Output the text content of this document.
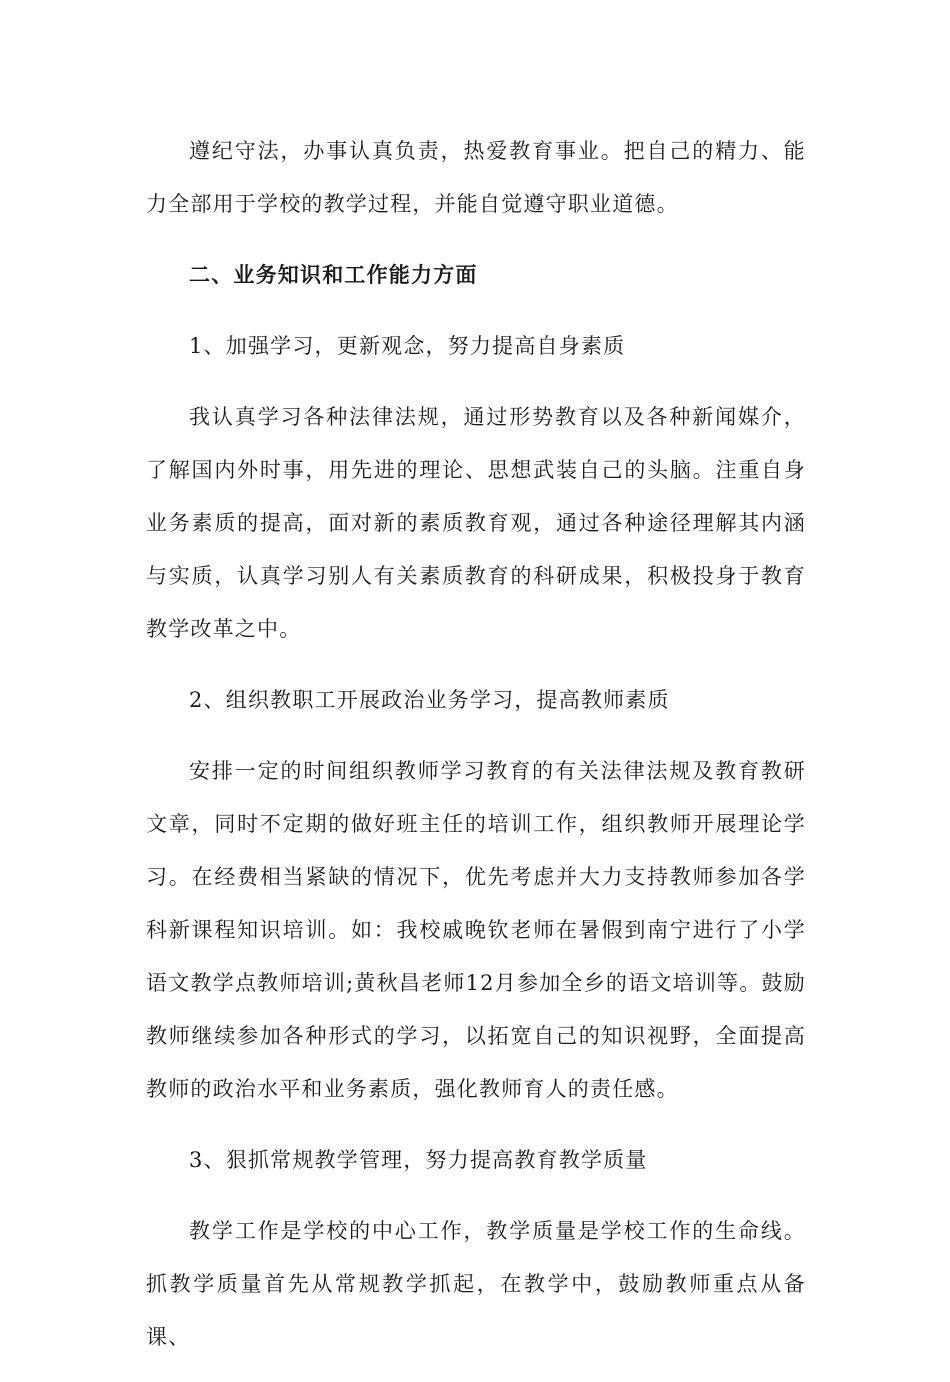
遵纪守法，办事认真负责，热爱教育事业。把自己的精力、能力全部用于学校的教学过程，并能自觉遵守职业道德。

二、业务知识和工作能力方面

1、加强学习，更新观念，努力提高自身素质

我认真学习各种法律法规，通过形势教育以及各种新闻媒介，了解国内外时事，用先进的理论、思想武装自己的头脑。注重自身业务素质的提高，面对新的素质教育观，通过各种途径理解其内涵与实质，认真学习别人有关素质教育的科研成果，积极投身于教育教学改革之中。

2、组织教职工开展政治业务学习，提高教师素质

安排一定的时间组织教师学习教育的有关法律法规及教育教研文章，同时不定期的做好班主任的培训工作，组织教师开展理论学习。在经费相当紧缺的情况下，优先考虑并大力支持教师参加各学科新课程知识培训。如：我校戚晚钦老师在暑假到南宁进行了小学语文教学点教师培训;黄秋昌老师12月参加全乡的语文培训等。鼓励教师继续参加各种形式的学习，以拓宽自己的知识视野，全面提高教师的政治水平和业务素质，强化教师育人的责任感。

3、狠抓常规教学管理，努力提高教育教学质量

教学工作是学校的中心工作，教学质量是学校工作的生命线。抓教学质量首先从常规教学抓起，在教学中，鼓励教师重点从备课、
